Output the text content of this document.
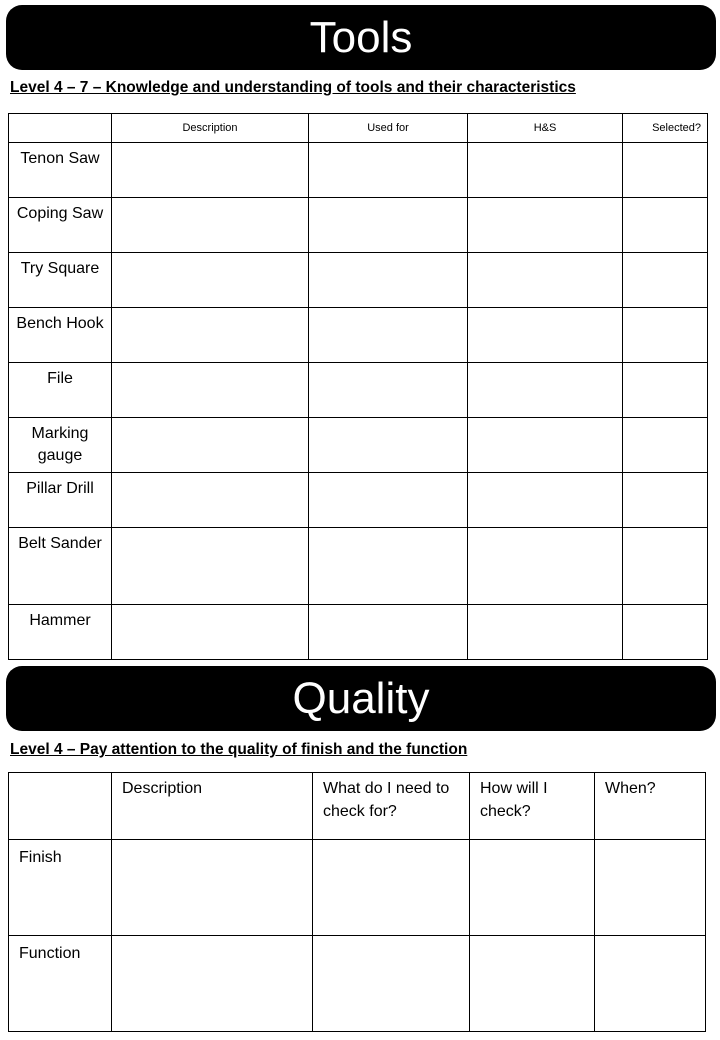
Tools
Level 4 – 7 – Knowledge and understanding of tools and their characteristics
	Description	Used for	H&S	Selected?
Tenon Saw				
Coping Saw				
Try Square				
Bench Hook				
File				
Marking gauge				
Pillar Drill				
Belt Sander				
Hammer				
Quality
Level 4 – Pay attention to the quality of finish and the function
	Description	What do I need to check for?	How will I check?	When?
Finish				
Function				
